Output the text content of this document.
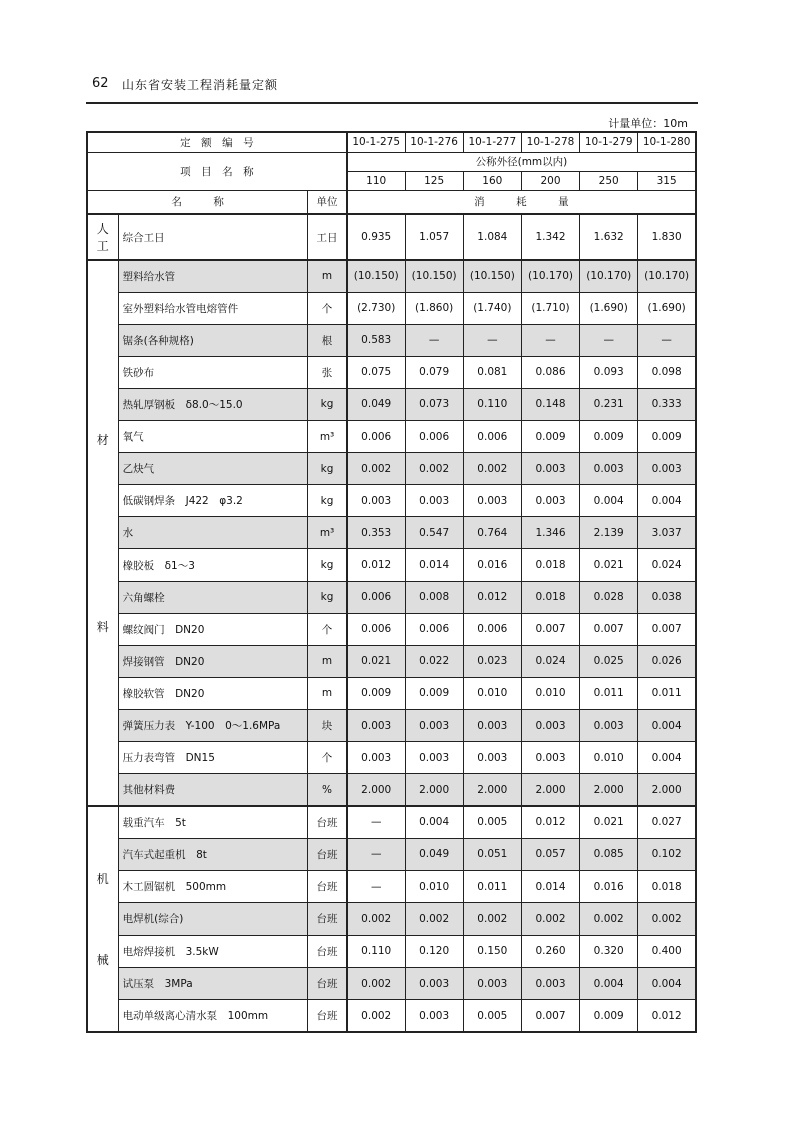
62 山东省安装工程消耗量定额
计量单位：10m
定　额　编　号			10-1-275	10-1-276	10-1-277	10-1-278	10-1-279	10-1-280
项　目　名　称			公称外径(mm以内)					
			110	125	160	200	250	315
名　　　称		单位	消　　　耗　　　量					

人
工	综合工日	工日	0.935	1.057	1.084	1.342	1.632	1.830

材
料	塑料给水管	m	(10.150)	(10.150)	(10.150)	(10.170)	(10.170)	(10.170)
	室外塑料给水管电熔管件	个	(2.730)	(1.860)	(1.740)	(1.710)	(1.690)	(1.690)
	锯条(各种规格)	根	0.583	—	—	—	—	—
	铁砂布	张	0.075	0.079	0.081	0.086	0.093	0.098
	热轧厚钢板　δ8.0～15.0	kg	0.049	0.073	0.110	0.148	0.231	0.333
	氧气	m³	0.006	0.006	0.006	0.009	0.009	0.009
	乙炔气	kg	0.002	0.002	0.002	0.003	0.003	0.003
	低碳钢焊条　J422　φ3.2	kg	0.003	0.003	0.003	0.003	0.004	0.004
	水	m³	0.353	0.547	0.764	1.346	2.139	3.037
	橡胶板　δ1～3	kg	0.012	0.014	0.016	0.018	0.021	0.024
	六角螺栓	kg	0.006	0.008	0.012	0.018	0.028	0.038
	螺纹阀门　DN20	个	0.006	0.006	0.006	0.007	0.007	0.007
	焊接钢管　DN20	m	0.021	0.022	0.023	0.024	0.025	0.026
	橡胶软管　DN20	m	0.009	0.009	0.010	0.010	0.011	0.011
	弹簧压力表　Y-100　0～1.6MPa	块	0.003	0.003	0.003	0.003	0.003	0.004
	压力表弯管　DN15	个	0.003	0.003	0.003	0.003	0.010	0.004
	其他材料费	%	2.000	2.000	2.000	2.000	2.000	2.000

机
械	载重汽车　5t	台班	—	0.004	0.005	0.012	0.021	0.027
	汽车式起重机　8t	台班	—	0.049	0.051	0.057	0.085	0.102
	木工圆锯机　500mm	台班	—	0.010	0.011	0.014	0.016	0.018
	电焊机(综合)	台班	0.002	0.002	0.002	0.002	0.002	0.002
	电熔焊接机　3.5kW	台班	0.110	0.120	0.150	0.260	0.320	0.400
	试压泵　3MPa	台班	0.002	0.003	0.003	0.003	0.004	0.004
	电动单级离心清水泵　100mm	台班	0.002	0.003	0.005	0.007	0.009	0.012
